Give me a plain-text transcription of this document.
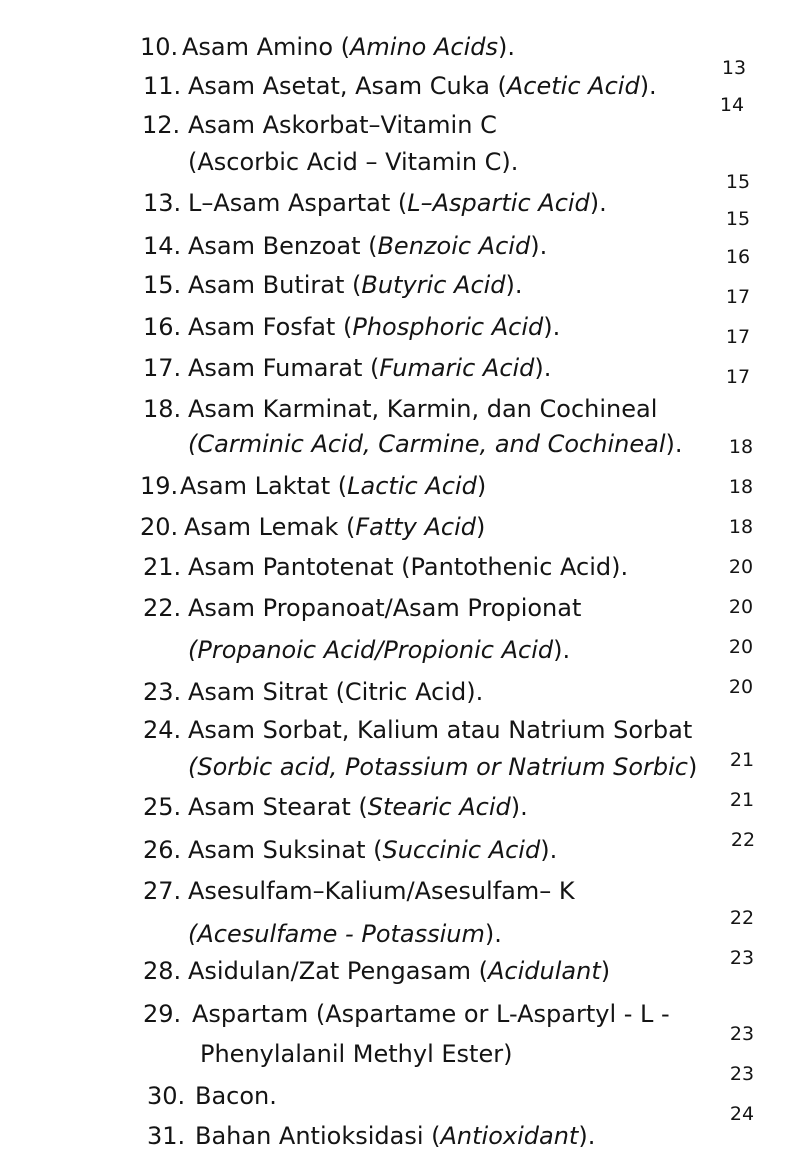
10. Asam Amino (Amino Acids).
11. Asam Asetat, Asam Cuka (Acetic Acid).
12. Asam Askorbat–Vitamin C
(Ascorbic Acid – Vitamin C).
13. L–Asam Aspartat (L–Aspartic Acid).
14. Asam Benzoat (Benzoic Acid).
15. Asam Butirat (Butyric Acid).
16. Asam Fosfat (Phosphoric Acid).
17. Asam Fumarat (Fumaric Acid).
18. Asam Karminat, Karmin, dan Cochineal
(Carminic Acid, Carmine, and Cochineal).
19. Asam Laktat (Lactic Acid)
20. Asam Lemak (Fatty Acid)
21. Asam Pantotenat (Pantothenic Acid).
22. Asam Propanoat/Asam Propionat
(Propanoic Acid/Propionic Acid).
23. Asam Sitrat (Citric Acid).
24. Asam Sorbat, Kalium atau Natrium Sorbat
(Sorbic acid, Potassium or Natrium Sorbic)
25. Asam Stearat (Stearic Acid).
26. Asam Suksinat (Succinic Acid).
27. Asesulfam–Kalium/Asesulfam– K
(Acesulfame - Potassium).
28. Asidulan/Zat Pengasam (Acidulant)
29. Aspartam (Aspartame or L-Aspartyl - L -
Phenylalanil Methyl Ester)
30. Bacon.
31. Bahan Antioksidasi (Antioxidant).
13
14
15
15
16
17
17
17
18
18
18
20
20
20
20
21
21
22
22
23
23
23
24
